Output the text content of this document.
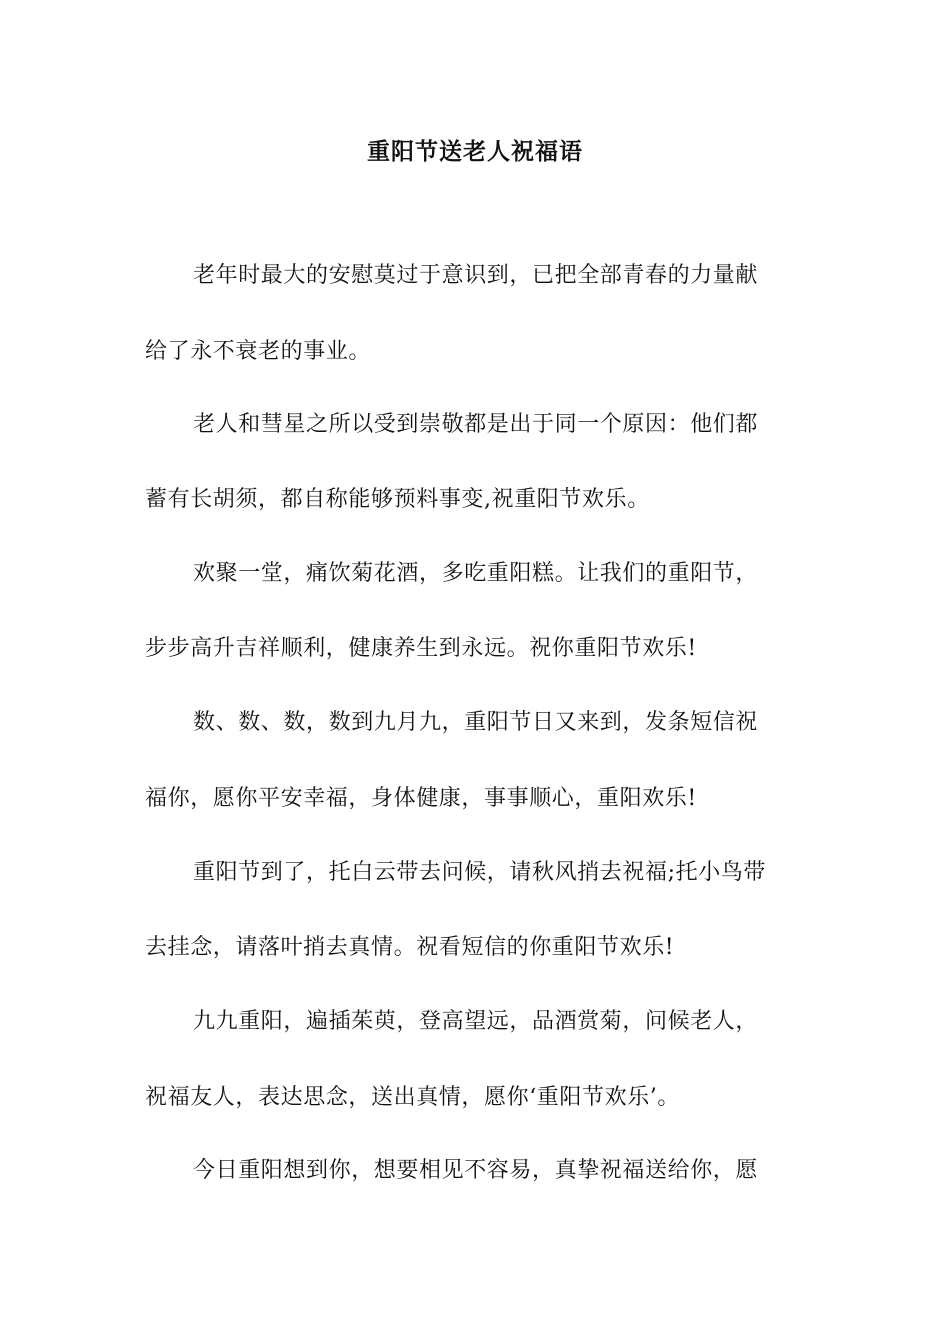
重阳节送老人祝福语
老年时最大的安慰莫过于意识到，已把全部青春的力量献
给了永不衰老的事业。
老人和彗星之所以受到崇敬都是出于同一个原因：他们都
蓄有长胡须，都自称能够预料事变,祝重阳节欢乐。
欢聚一堂，痛饮菊花酒，多吃重阳糕。让我们的重阳节，
步步高升吉祥顺利，健康养生到永远。祝你重阳节欢乐!
数、数、数，数到九月九，重阳节日又来到，发条短信祝
福你，愿你平安幸福，身体健康，事事顺心，重阳欢乐!
重阳节到了，托白云带去问候，请秋风捎去祝福;托小鸟带
去挂念，请落叶捎去真情。祝看短信的你重阳节欢乐!
九九重阳，遍插茱萸，登高望远，品酒赏菊，问候老人，
祝福友人，表达思念，送出真情，愿你‘重阳节欢乐’。
今日重阳想到你，想要相见不容易，真挚祝福送给你，愿
